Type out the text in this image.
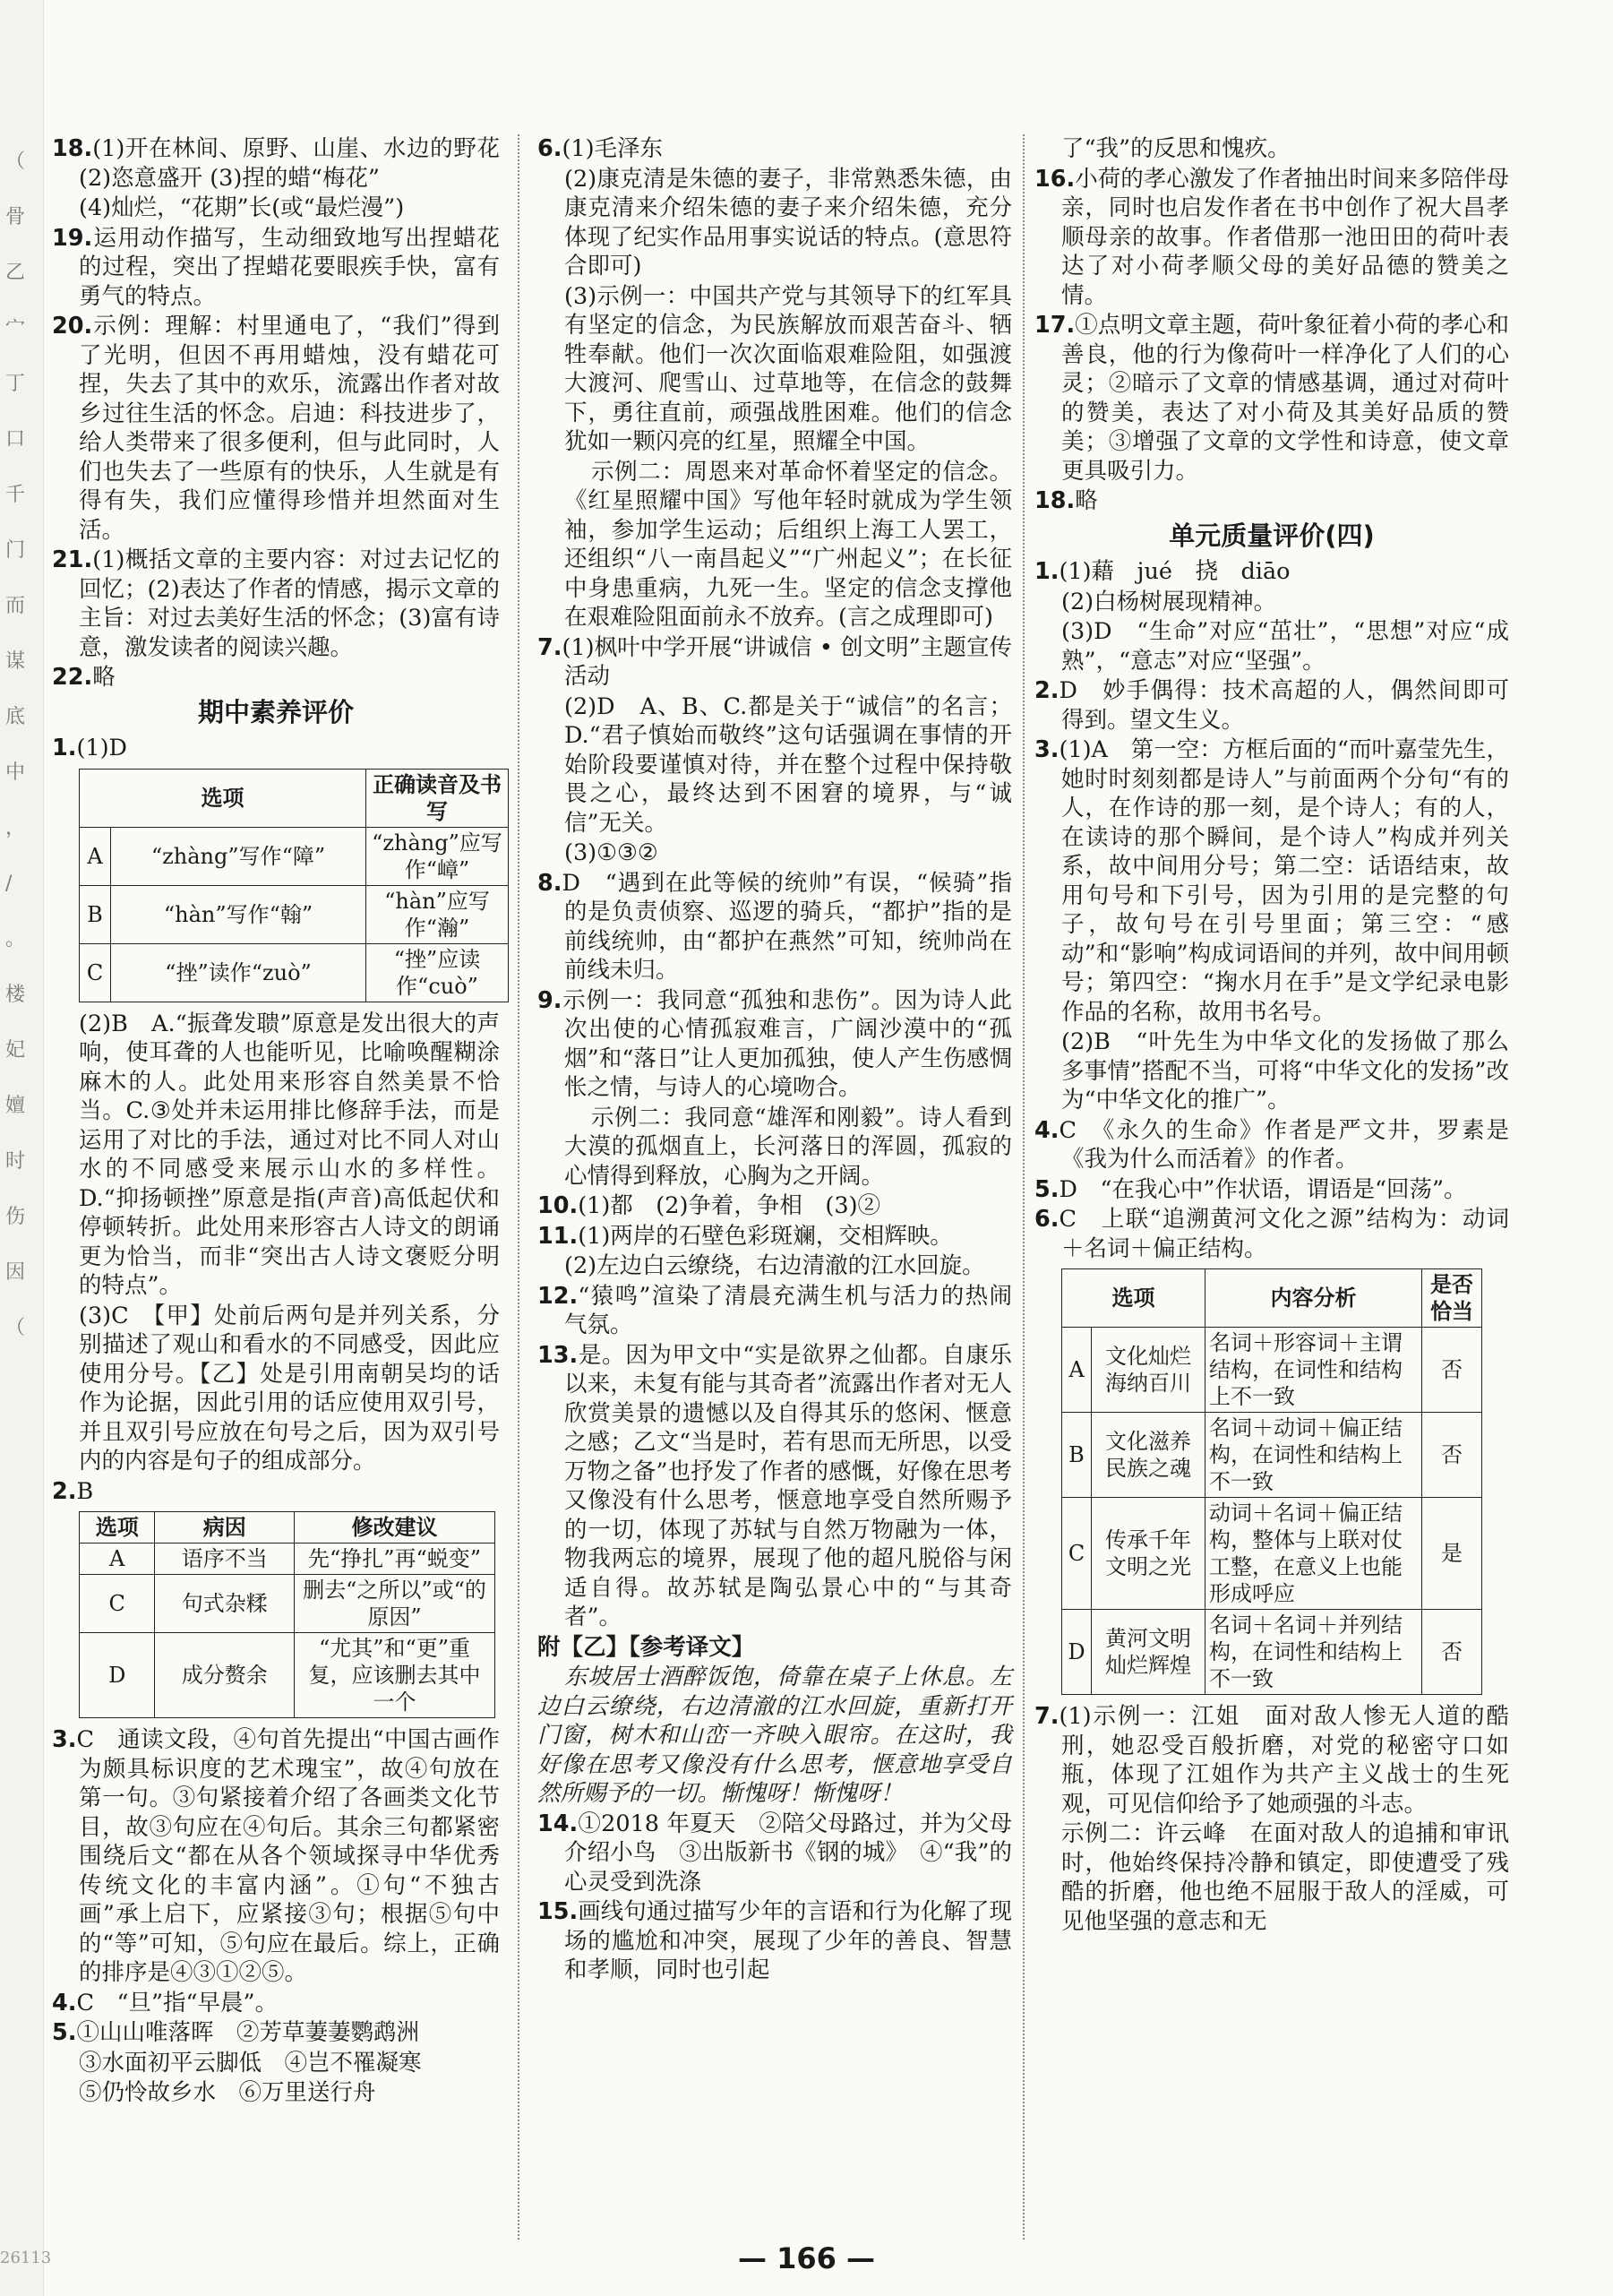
（
骨
乙
宀
丁
口
千
门
而
谋
底
中
，
/
。
楼
妃
嬗
时
伤
因
（
18.(1)开在林间、原野、山崖、水边的野花 (2)恣意盛开 (3)捏的蜡“梅花”
(4)灿烂，“花期”长(或“最烂漫”)
19.运用动作描写，生动细致地写出捏蜡花的过程，突出了捏蜡花要眼疾手快，富有勇气的特点。
20.示例：理解：村里通电了，“我们”得到了光明，但因不再用蜡烛，没有蜡花可捏，失去了其中的欢乐，流露出作者对故乡过往生活的怀念。启迪：科技进步了，给人类带来了很多便利，但与此同时，人们也失去了一些原有的快乐，人生就是有得有失，我们应懂得珍惜并坦然面对生活。
21.(1)概括文章的主要内容：对过去记忆的回忆；(2)表达了作者的情感，揭示文章的主旨：对过去美好生活的怀念；(3)富有诗意，激发读者的阅读兴趣。
22.略
期中素养评价
1.(1)D
选项		正确读音及书写
A	“zhàng”写作“障”	“zhàng”应写作“嶂”
B	“hàn”写作“翰”	“hàn”应写作“瀚”
C	“挫”读作“zuò”	“挫”应读作“cuò”
(2)B　A.“振聋发聩”原意是发出很大的声响，使耳聋的人也能听见，比喻唤醒糊涂麻木的人。此处用来形容自然美景不恰当。C.③处并未运用排比修辞手法，而是运用了对比的手法，通过对比不同人对山水的不同感受来展示山水的多样性。D.“抑扬顿挫”原意是指(声音)高低起伏和停顿转折。此处用来形容古人诗文的朗诵更为恰当，而非“突出古人诗文褒贬分明的特点”。
(3)C　【甲】处前后两句是并列关系，分别描述了观山和看水的不同感受，因此应使用分号。【乙】处是引用南朝吴均的话作为论据，因此引用的话应使用双引号，并且双引号应放在句号之后，因为双引号内的内容是句子的组成部分。
2.B
选项	病因	修改建议
A	语序不当	先“挣扎”再“蜕变”
C	句式杂糅	删去“之所以”或“的原因”
D	成分赘余	“尤其”和“更”重复，应该删去其中一个
3.C　通读文段，④句首先提出“中国古画作为颇具标识度的艺术瑰宝”，故④句放在第一句。③句紧接着介绍了各画类文化节目，故③句应在④句后。其余三句都紧密围绕后文“都在从各个领域探寻中华优秀传统文化的丰富内涵”。①句“不独古画”承上启下，应紧接③句；根据⑤句中的“等”可知，⑤句应在最后。综上，正确的排序是④③①②⑤。
4.C　“旦”指“早晨”。
5.①山山唯落晖　②芳草萋萋鹦鹉洲
③水面初平云脚低　④岂不罹凝寒
⑤仍怜故乡水　⑥万里送行舟
6.(1)毛泽东
(2)康克清是朱德的妻子，非常熟悉朱德，由康克清来介绍朱德的妻子来介绍朱德，充分体现了纪实作品用事实说话的特点。(意思符合即可)
(3)示例一：中国共产党与其领导下的红军具有坚定的信念，为民族解放而艰苦奋斗、牺牲奉献。他们一次次面临艰难险阻，如强渡大渡河、爬雪山、过草地等，在信念的鼓舞下，勇往直前，顽强战胜困难。他们的信念犹如一颗闪亮的红星，照耀全中国。
示例二：周恩来对革命怀着坚定的信念。《红星照耀中国》写他年轻时就成为学生领袖，参加学生运动；后组织上海工人罢工，还组织“八一南昌起义”“广州起义”；在长征中身患重病，九死一生。坚定的信念支撑他在艰难险阻面前永不放弃。(言之成理即可)
7.(1)枫叶中学开展“讲诚信 • 创文明”主题宣传活动
(2)D　A、B、C.都是关于“诚信”的名言；D.“君子慎始而敬终”这句话强调在事情的开始阶段要谨慎对待，并在整个过程中保持敬畏之心，最终达到不困窘的境界，与“诚信”无关。
(3)①③②
8.D　“遇到在此等候的统帅”有误，“候骑”指的是负责侦察、巡逻的骑兵，“都护”指的是前线统帅，由“都护在燕然”可知，统帅尚在前线未归。
9.示例一：我同意“孤独和悲伤”。因为诗人此次出使的心情孤寂难言，广阔沙漠中的“孤烟”和“落日”让人更加孤独，使人产生伤感惆怅之情，与诗人的心境吻合。
示例二：我同意“雄浑和刚毅”。诗人看到大漠的孤烟直上，长河落日的浑圆，孤寂的心情得到释放，心胸为之开阔。
10.(1)都　(2)争着，争相　(3)②
11.(1)两岸的石壁色彩斑斓，交相辉映。
(2)左边白云缭绕，右边清澈的江水回旋。
12.“猿鸣”渲染了清晨充满生机与活力的热闹气氛。
13.是。因为甲文中“实是欲界之仙都。自康乐以来，未复有能与其奇者”流露出作者对无人欣赏美景的遗憾以及自得其乐的悠闲、惬意之感；乙文“当是时，若有思而无所思，以受万物之备”也抒发了作者的感慨，好像在思考又像没有什么思考，惬意地享受自然所赐予的一切，体现了苏轼与自然万物融为一体，物我两忘的境界，展现了他的超凡脱俗与闲适自得。故苏轼是陶弘景心中的“与其奇者”。
附【乙】【参考译文】
东坡居士酒醉饭饱，倚靠在桌子上休息。左边白云缭绕，右边清澈的江水回旋，重新打开门窗，树木和山峦一齐映入眼帘。在这时，我好像在思考又像没有什么思考，惬意地享受自然所赐予的一切。惭愧呀！惭愧呀！
14.①2018 年夏天　②陪父母路过，并为父母介绍小鸟　③出版新书《钢的城》　④“我”的心灵受到洗涤
15.画线句通过描写少年的言语和行为化解了现场的尴尬和冲突，展现了少年的善良、智慧和孝顺，同时也引起
了“我”的反思和愧疚。
16.小荷的孝心激发了作者抽出时间来多陪伴母亲，同时也启发作者在书中创作了祝大昌孝顺母亲的故事。作者借那一池田田的荷叶表达了对小荷孝顺父母的美好品德的赞美之情。
17.①点明文章主题，荷叶象征着小荷的孝心和善良，他的行为像荷叶一样净化了人们的心灵；②暗示了文章的情感基调，通过对荷叶的赞美，表达了对小荷及其美好品质的赞美；③增强了文章的文学性和诗意，使文章更具吸引力。
18.略
单元质量评价(四)
1.(1)藉　jué　挠　diāo
(2)白杨树展现精神。
(3)D　“生命”对应“茁壮”，“思想”对应“成熟”，“意志”对应“坚强”。
2.D　妙手偶得：技术高超的人，偶然间即可得到。望文生义。
3.(1)A　第一空：方框后面的“而叶嘉莹先生，她时时刻刻都是诗人”与前面两个分句“有的人，在作诗的那一刻，是个诗人；有的人，在读诗的那个瞬间，是个诗人”构成并列关系，故中间用分号；第二空：话语结束，故用句号和下引号，因为引用的是完整的句子，故句号在引号里面；第三空：“感动”和“影响”构成词语间的并列，故中间用顿号；第四空：“掬水月在手”是文学纪录电影作品的名称，故用书名号。
(2)B　“叶先生为中华文化的发扬做了那么多事情”搭配不当，可将“中华文化的发扬”改为“中华文化的推广”。
4.C　《永久的生命》作者是严文井，罗素是《我为什么而活着》的作者。
5.D　“在我心中”作状语，谓语是“回荡”。
6.C　上联“追溯黄河文化之源”结构为：动词＋名词＋偏正结构。
选项		内容分析	是否恰当
A	文化灿烂海纳百川	名词＋形容词＋主谓结构，在词性和结构上不一致	否
B	文化滋养民族之魂	名词＋动词＋偏正结构，在词性和结构上不一致	否
C	传承千年文明之光	动词＋名词＋偏正结构，整体与上联对仗工整，在意义上也能形成呼应	是
D	黄河文明灿烂辉煌	名词＋名词＋并列结构，在词性和结构上不一致	否
7.(1)示例一：江姐　面对敌人惨无人道的酷刑，她忍受百般折磨，对党的秘密守口如瓶，体现了江姐作为共产主义战士的生死观，可见信仰给予了她顽强的斗志。
示例二：许云峰　在面对敌人的追捕和审讯时，他始终保持冷静和镇定，即使遭受了残酷的折磨，他也绝不屈服于敌人的淫威，可见他坚强的意志和无
26113	— 166 —
